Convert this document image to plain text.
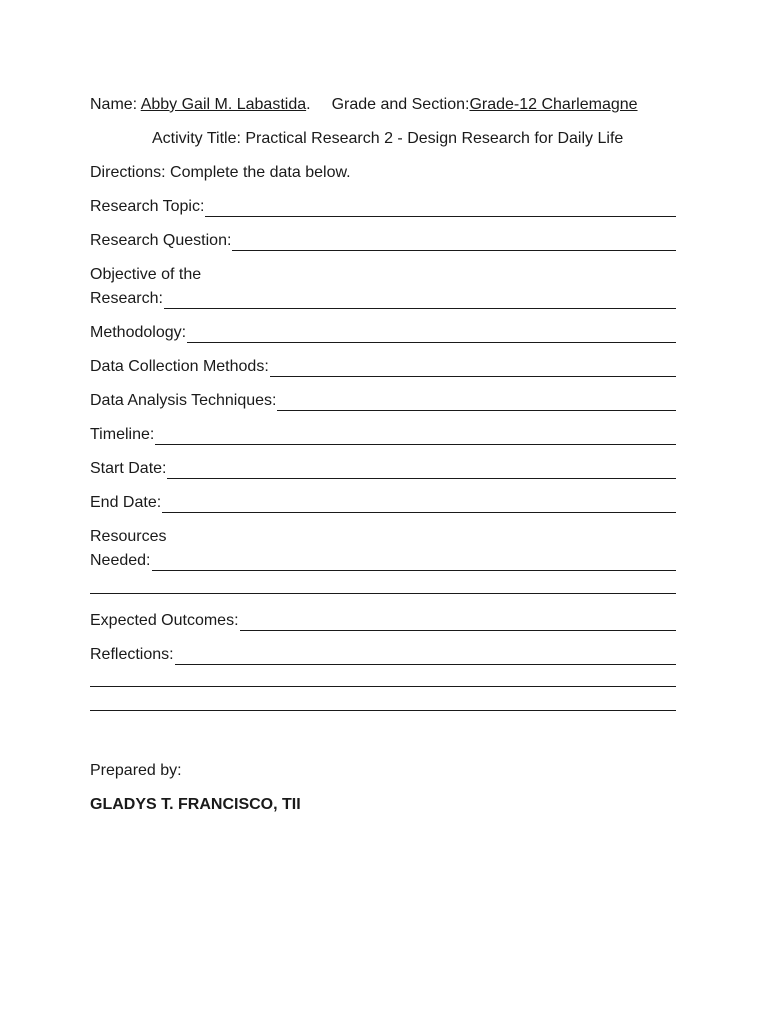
Name: Abby Gail M. Labastida. Grade and Section:Grade-12 Charlemagne
Activity Title: Practical Research 2 - Design Research for Daily Life
Directions: Complete the data below.
Research Topic:
Research Question:
Objective of the
Research:
Methodology:
Data Collection Methods:
Data Analysis Techniques:
Timeline:
Start Date:
End Date:
Resources
Needed:
Expected Outcomes:
Reflections:
Prepared by:
GLADYS T. FRANCISCO, TII
